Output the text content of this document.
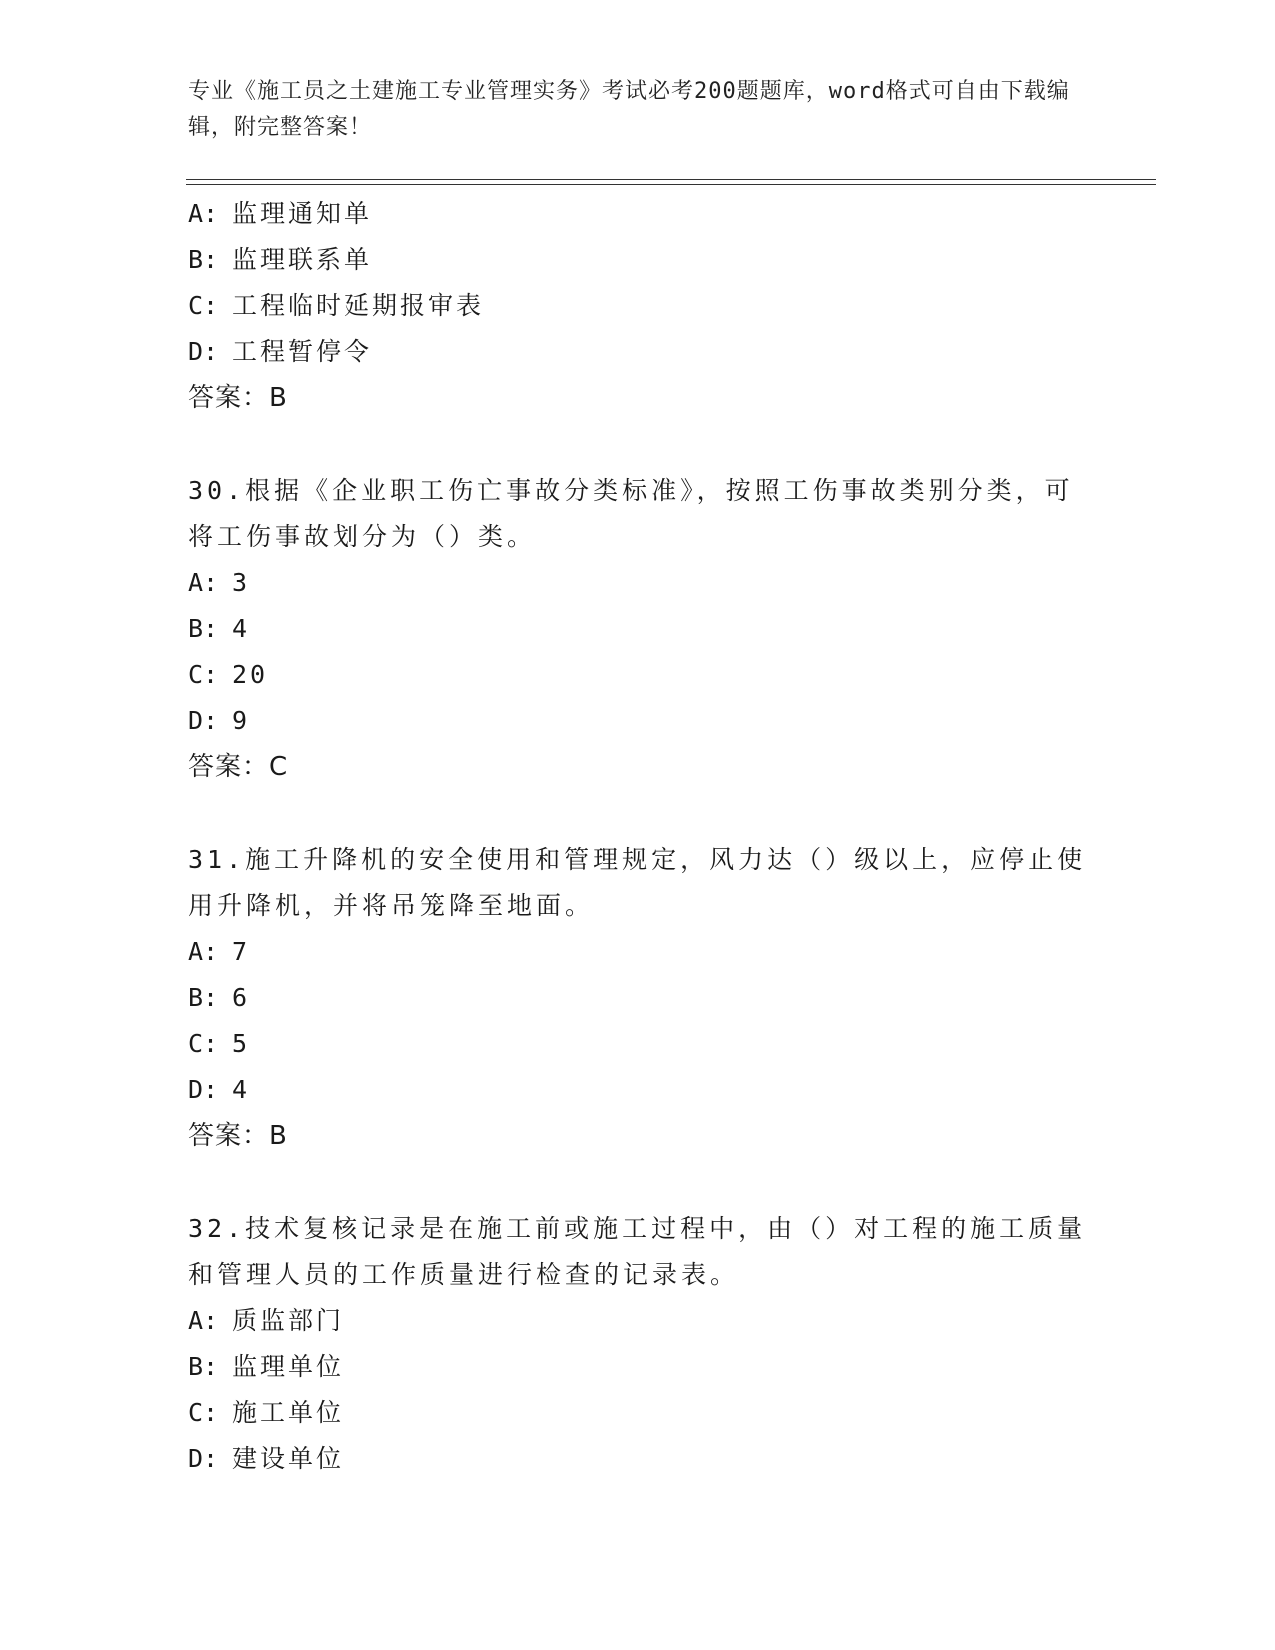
专业《施工员之土建施工专业管理实务》考试必考200题题库，word格式可自由下载编辑，附完整答案！
A: 监理通知单
B: 监理联系单
C: 工程临时延期报审表
D: 工程暂停令
答案：B
30.根据《企业职工伤亡事故分类标准》，按照工伤事故类别分类，可将工伤事故划分为（）类。
A: 3
B: 4
C: 20
D: 9
答案：C
31.施工升降机的安全使用和管理规定，风力达（）级以上，应停止使用升降机，并将吊笼降至地面。
A: 7
B: 6
C: 5
D: 4
答案：B
32.技术复核记录是在施工前或施工过程中，由（）对工程的施工质量和管理人员的工作质量进行检查的记录表。
A: 质监部门
B: 监理单位
C: 施工单位
D: 建设单位
